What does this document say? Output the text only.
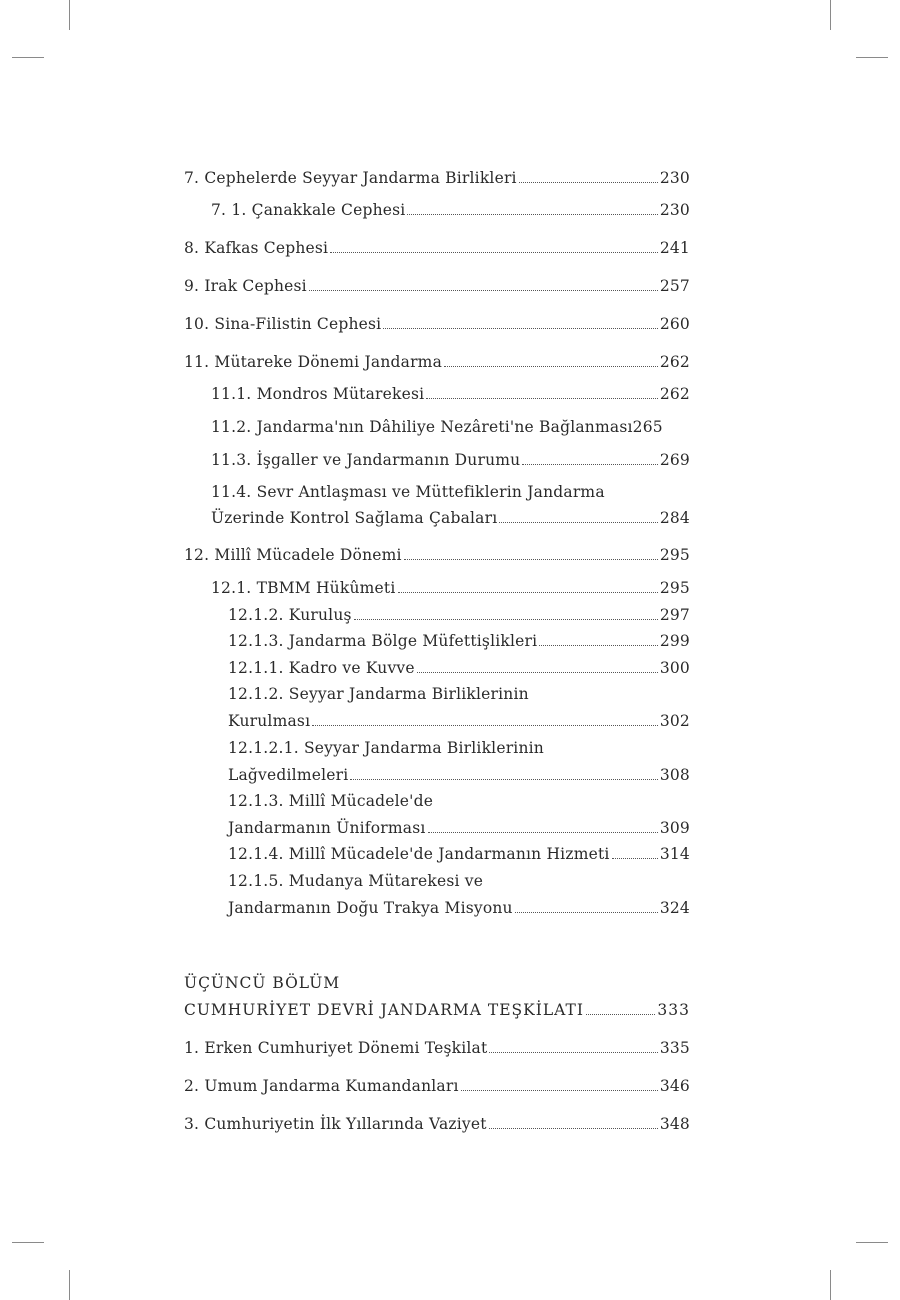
7. Cephelerde Seyyar Jandarma Birlikleri	230
7. 1. Çanakkale Cephesi	230
8. Kafkas Cephesi	241
9. Irak Cephesi	257
10. Sina-Filistin Cephesi	260
11. Mütareke Dönemi Jandarma	262
11.1. Mondros Mütarekesi	262
11.2. Jandarma'nın Dâhiliye Nezâreti'ne Bağlanması 265
11.3. İşgaller ve Jandarmanın Durumu	269
11.4. Sevr Antlaşması ve Müttefiklerin Jandarma
Üzerinde Kontrol Sağlama Çabaları	284
12. Millî Mücadele Dönemi	295
12.1. TBMM Hükûmeti	295
12.1.2. Kuruluş	297
12.1.3. Jandarma Bölge Müfettişlikleri	299
12.1.1. Kadro ve Kuvve	300
12.1.2. Seyyar Jandarma Birliklerinin
Kurulması	302
12.1.2.1. Seyyar Jandarma Birliklerinin
Lağvedilmeleri	308
12.1.3. Millî Mücadele'de
Jandarmanın Üniforması	309
12.1.4. Millî Mücadele'de Jandarmanın Hizmeti	314
12.1.5. Mudanya Mütarekesi ve
Jandarmanın Doğu Trakya Misyonu	324
ÜÇÜNCÜ BÖLÜM
CUMHURİYET DEVRİ JANDARMA TEŞKİLATI	333
1. Erken Cumhuriyet Dönemi Teşkilat	335
2. Umum Jandarma Kumandanları	346
3. Cumhuriyetin İlk Yıllarında Vaziyet	348
